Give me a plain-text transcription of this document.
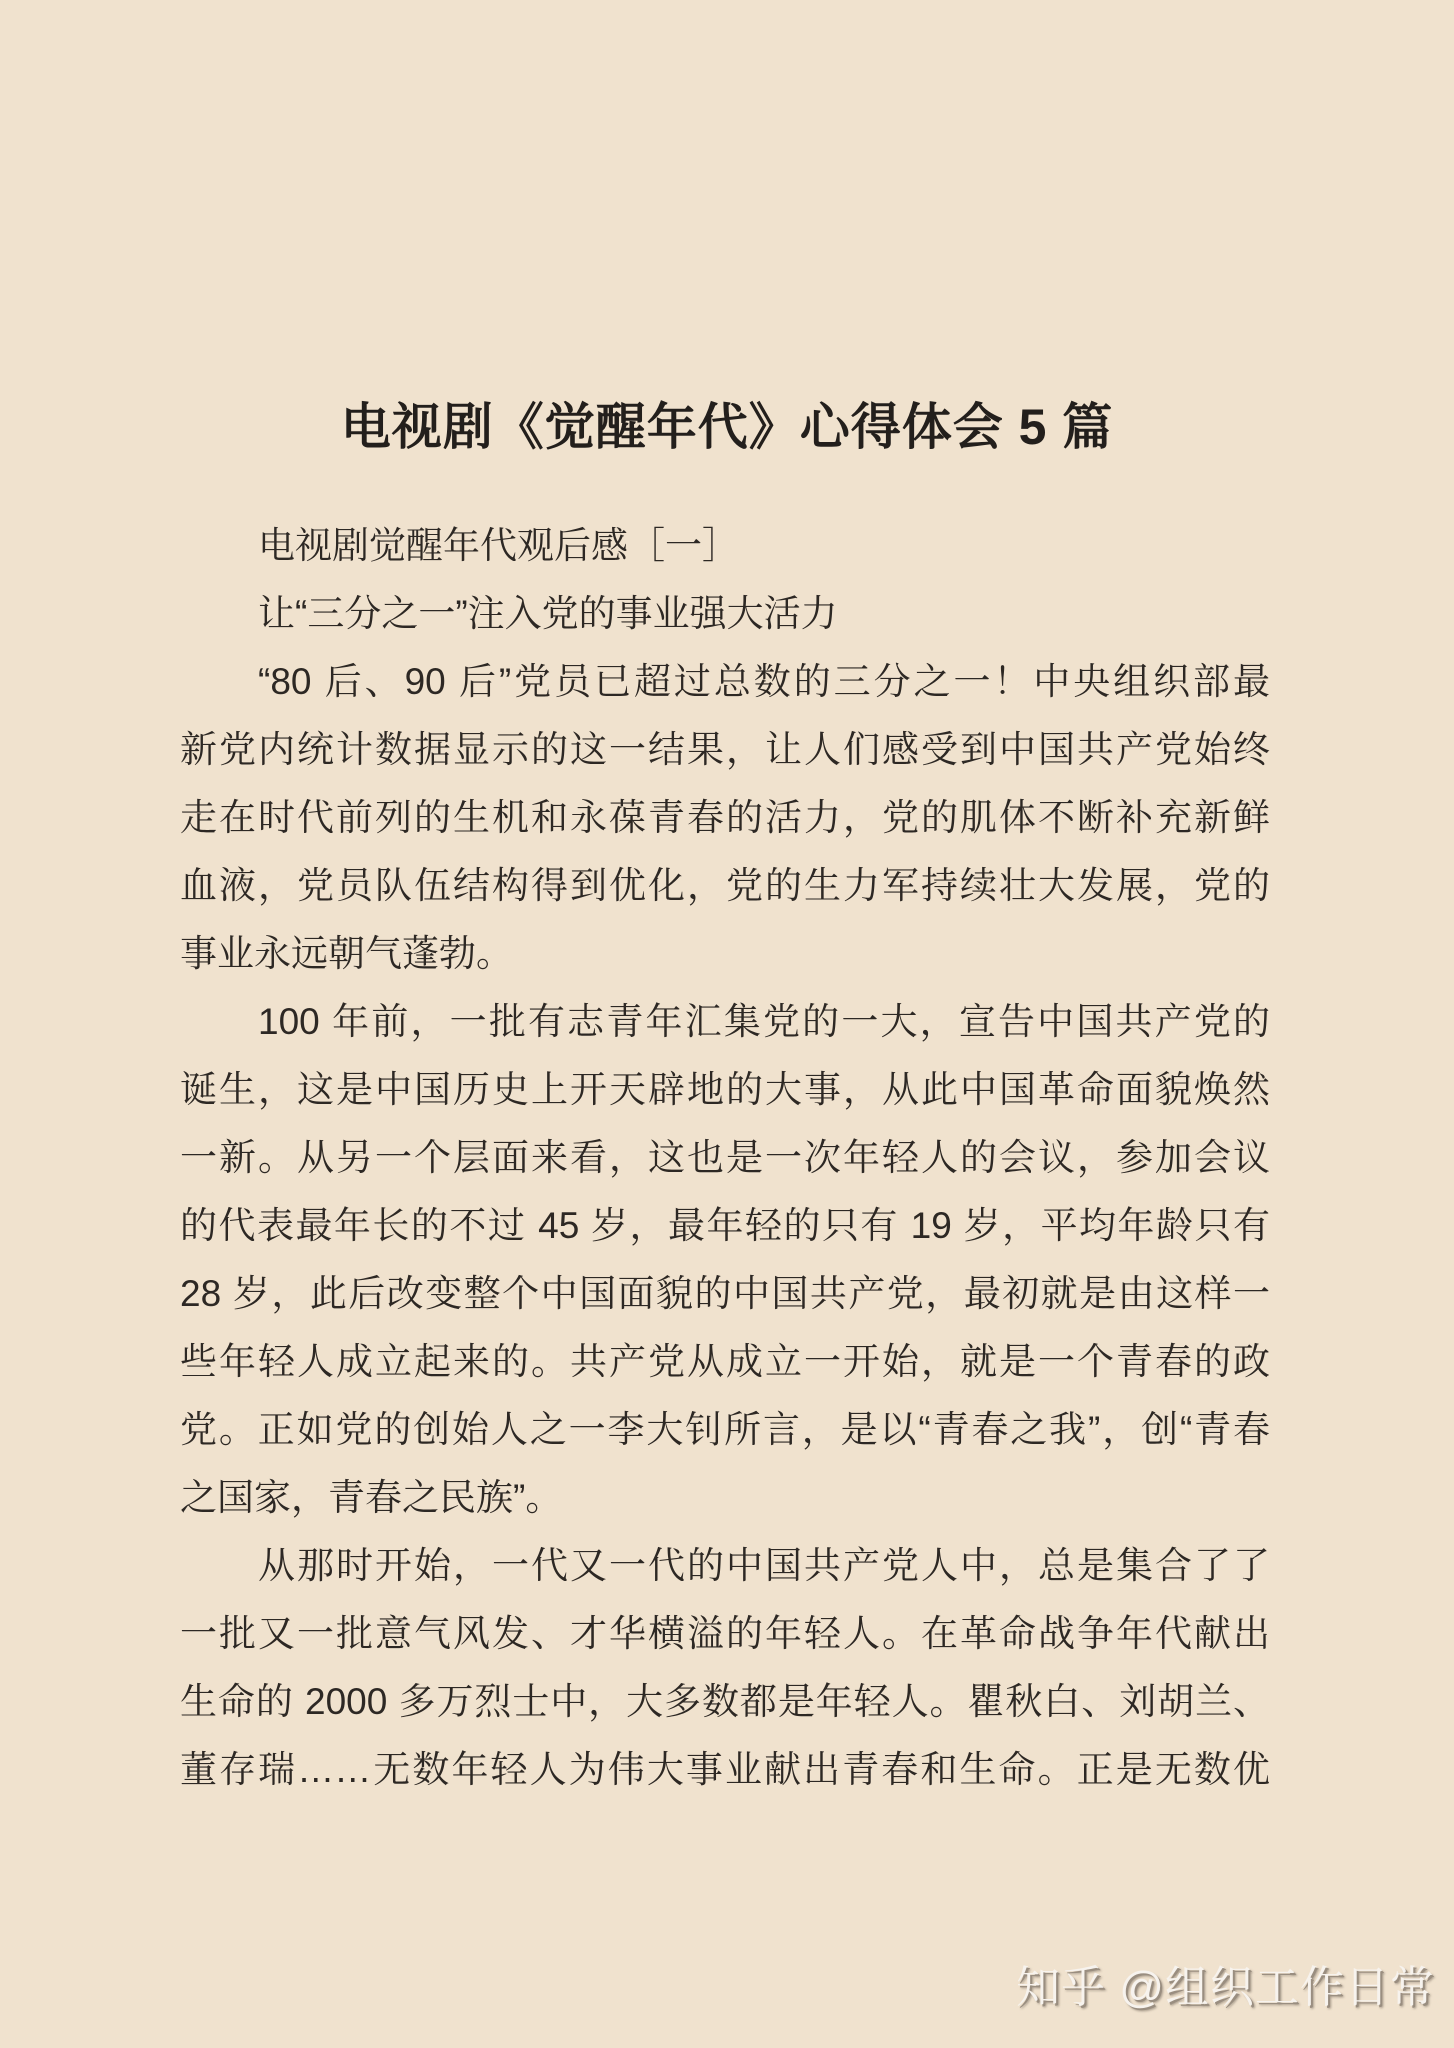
电视剧《觉醒年代》心得体会 5 篇
电视剧觉醒年代观后感［一］
让“三分之一”注入党的事业强大活力
“80 后、90 后”党员已超过总数的三分之一！中央组织部最
新党内统计数据显示的这一结果，让人们感受到中国共产党始终
走在时代前列的生机和永葆青春的活力，党的肌体不断补充新鲜
血液，党员队伍结构得到优化，党的生力军持续壮大发展，党的
事业永远朝气蓬勃。
100 年前，一批有志青年汇集党的一大，宣告中国共产党的
诞生，这是中国历史上开天辟地的大事，从此中国革命面貌焕然
一新。从另一个层面来看，这也是一次年轻人的会议，参加会议
的代表最年长的不过 45 岁，最年轻的只有 19 岁，平均年龄只有
28 岁，此后改变整个中国面貌的中国共产党，最初就是由这样一
些年轻人成立起来的。共产党从成立一开始，就是一个青春的政
党。正如党的创始人之一李大钊所言，是以“青春之我”，创“青春
之国家，青春之民族”。
从那时开始，一代又一代的中国共产党人中，总是集合了了
一批又一批意气风发、才华横溢的年轻人。在革命战争年代献出
生命的 2000 多万烈士中，大多数都是年轻人。瞿秋白、刘胡兰、
董存瑞……无数年轻人为伟大事业献出青春和生命。正是无数优
知乎 @组织工作日常
